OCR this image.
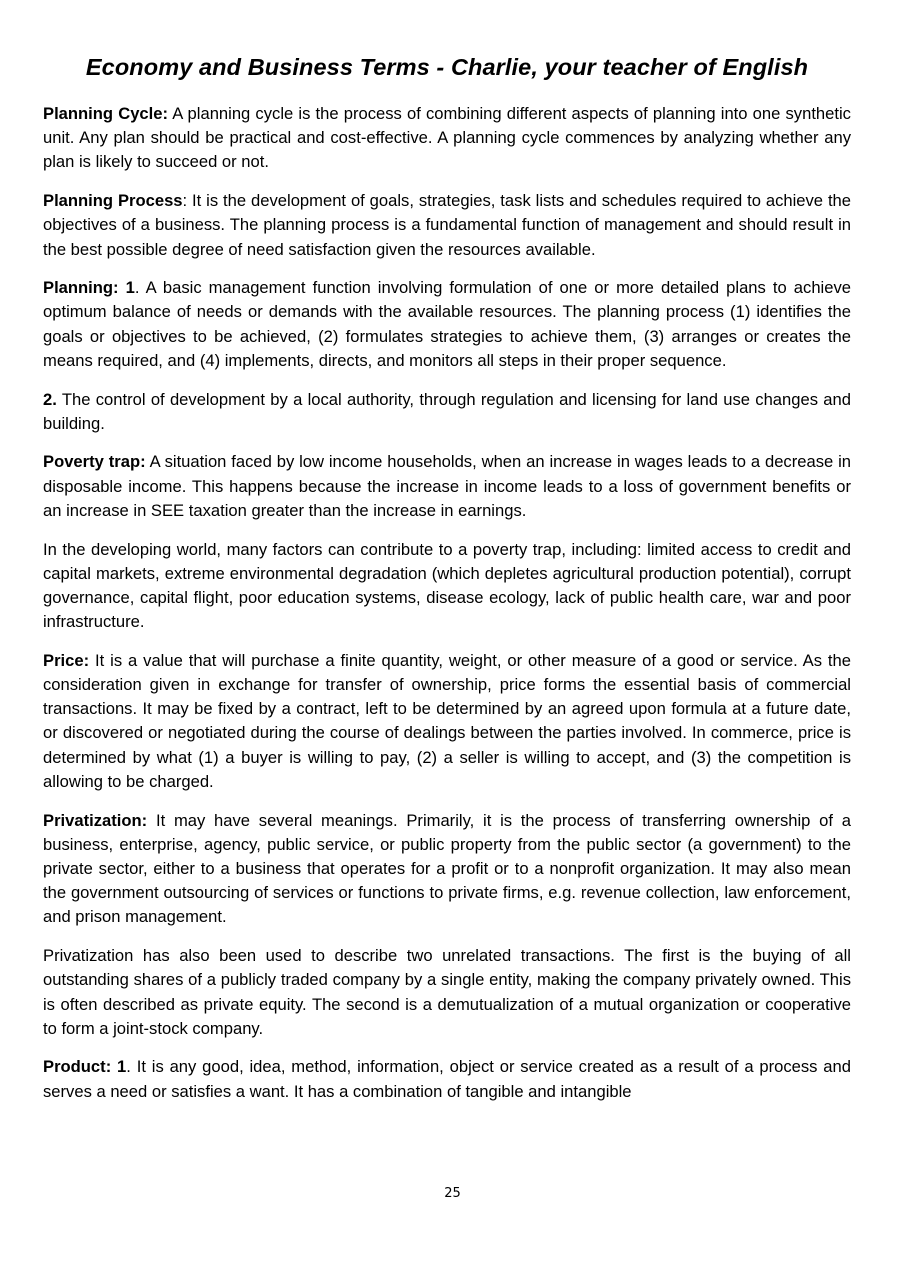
Economy and Business Terms - Charlie, your teacher of English

Planning Cycle: A planning cycle is the process of combining different aspects of planning into one synthetic unit. Any plan should be practical and cost-effective. A planning cycle commences by analyzing whether any plan is likely to succeed or not.

Planning Process: It is the development of goals, strategies, task lists and schedules required to achieve the objectives of a business. The planning process is a fundamental function of management and should result in the best possible degree of need satisfaction given the resources available.

Planning: 1. A basic management function involving formulation of one or more detailed plans to achieve optimum balance of needs or demands with the available resources. The planning process (1) identifies the goals or objectives to be achieved, (2) formulates strategies to achieve them, (3) arranges or creates the means required, and (4) implements, directs, and monitors all steps in their proper sequence.

2. The control of development by a local authority, through regulation and licensing for land use changes and building.

Poverty trap: A situation faced by low income households, when an increase in wages leads to a decrease in disposable income. This happens because the increase in income leads to a loss of government benefits or an increase in SEE taxation greater than the increase in earnings.

In the developing world, many factors can contribute to a poverty trap, including: limited access to credit and capital markets, extreme environmental degradation (which depletes agricultural production potential), corrupt governance, capital flight, poor education systems, disease ecology, lack of public health care, war and poor infrastructure.

Price: It is a value that will purchase a finite quantity, weight, or other measure of a good or service. As the consideration given in exchange for transfer of ownership, price forms the essential basis of commercial transactions. It may be fixed by a contract, left to be determined by an agreed upon formula at a future date, or discovered or negotiated during the course of dealings between the parties involved. In commerce, price is determined by what (1) a buyer is willing to pay, (2) a seller is willing to accept, and (3) the competition is allowing to be charged.

Privatization: It may have several meanings. Primarily, it is the process of transferring ownership of a business, enterprise, agency, public service, or public property from the public sector (a government) to the private sector, either to a business that operates for a profit or to a nonprofit organization. It may also mean the government outsourcing of services or functions to private firms, e.g. revenue collection, law enforcement, and prison management.

Privatization has also been used to describe two unrelated transactions. The first is the buying of all outstanding shares of a publicly traded company by a single entity, making the company privately owned. This is often described as private equity. The second is a demutualization of a mutual organization or cooperative to form a joint-stock company.

Product: 1. It is any good, idea, method, information, object or service created as a result of a process and serves a need or satisfies a want. It has a combination of tangible and intangible

25
